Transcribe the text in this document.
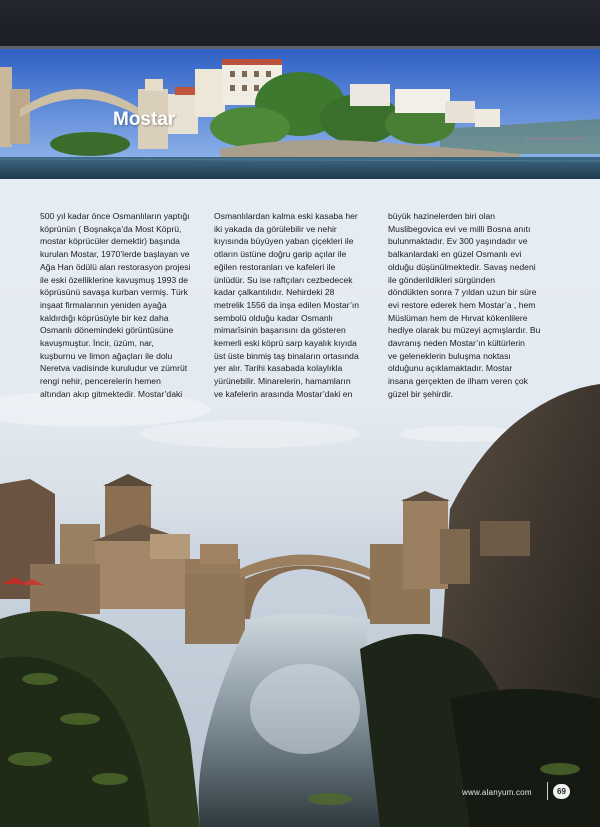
Mostar

500 yıl kadar önce Osmanlıların yaptığı
köprünün ( Boşnakça’da Most Köprü,
mostar köprücüler demektir) başında
kurulan Mostar, 1970’lerde başlayan ve
Ağa Han ödülü alan restorasyon projesi
ile eski özelliklerine kavuşmuş 1993 de
köprüsünü savaşa kurban vermiş. Türk
inşaat firmalarının yeniden ayağa
kaldırdığı köprüsüyle bir kez daha
Osmanlı dönemindeki görüntüsüne
kavuşmuştur. İncir, üzüm, nar,
kuşburnu ve limon ağaçları ile dolu
Neretva vadisinde kuruludur ve zümrüt
rengi nehir, pencerelerin hemen
altından akıp gitmektedir. Mostar’daki

Osmanlılardan kalma eski kasaba her
iki yakada da görülebilir ve nehir
kıyısında büyüyen yaban çiçekleri ile
otların üstüne doğru garip açılar ile
eğilen restoranları ve kafeleri ile
ünlüdür. Su ise raftçıları cezbedecek
kadar çalkantılıdır. Nehirdeki 28
metrelik 1556 da inşa edilen Mostar’ın
sembolü olduğu kadar Osmanlı
mimarîsinin başarısını da gösteren
kemerli eski köprü sarp kayalık kıyıda
üst üste binmiş taş binaların ortasında
yer alır. Tarihi kasabada kolaylıkla
yürünebilir. Minarelerin, hamamların
ve kafelerin arasında Mostar’daki en

büyük hazinelerden biri olan
Muslibegovica evi ve milli Bosna anıtı
bulunmaktadır. Ev 300 yaşındadır ve
balkanlardaki en güzel Osmanlı evi
olduğu düşünülmektedir. Savaş nedeni
ile gönderildikleri sürgünden
döndükten sonra 7 yıldan uzun bir süre
evi restore ederek hem Mostar’a , hem
Müslüman hem de Hırvat kökenlilere
hediye olarak bu müzeyi açmışlardır. Bu
davranış neden Mostar’ın kültürlerin
ve geleneklerin buluşma noktası
olduğunu açıklamaktadır. Mostar
insana gerçekten de ilham veren çok
güzel bir şehirdir.

www.alanyum.com	69
